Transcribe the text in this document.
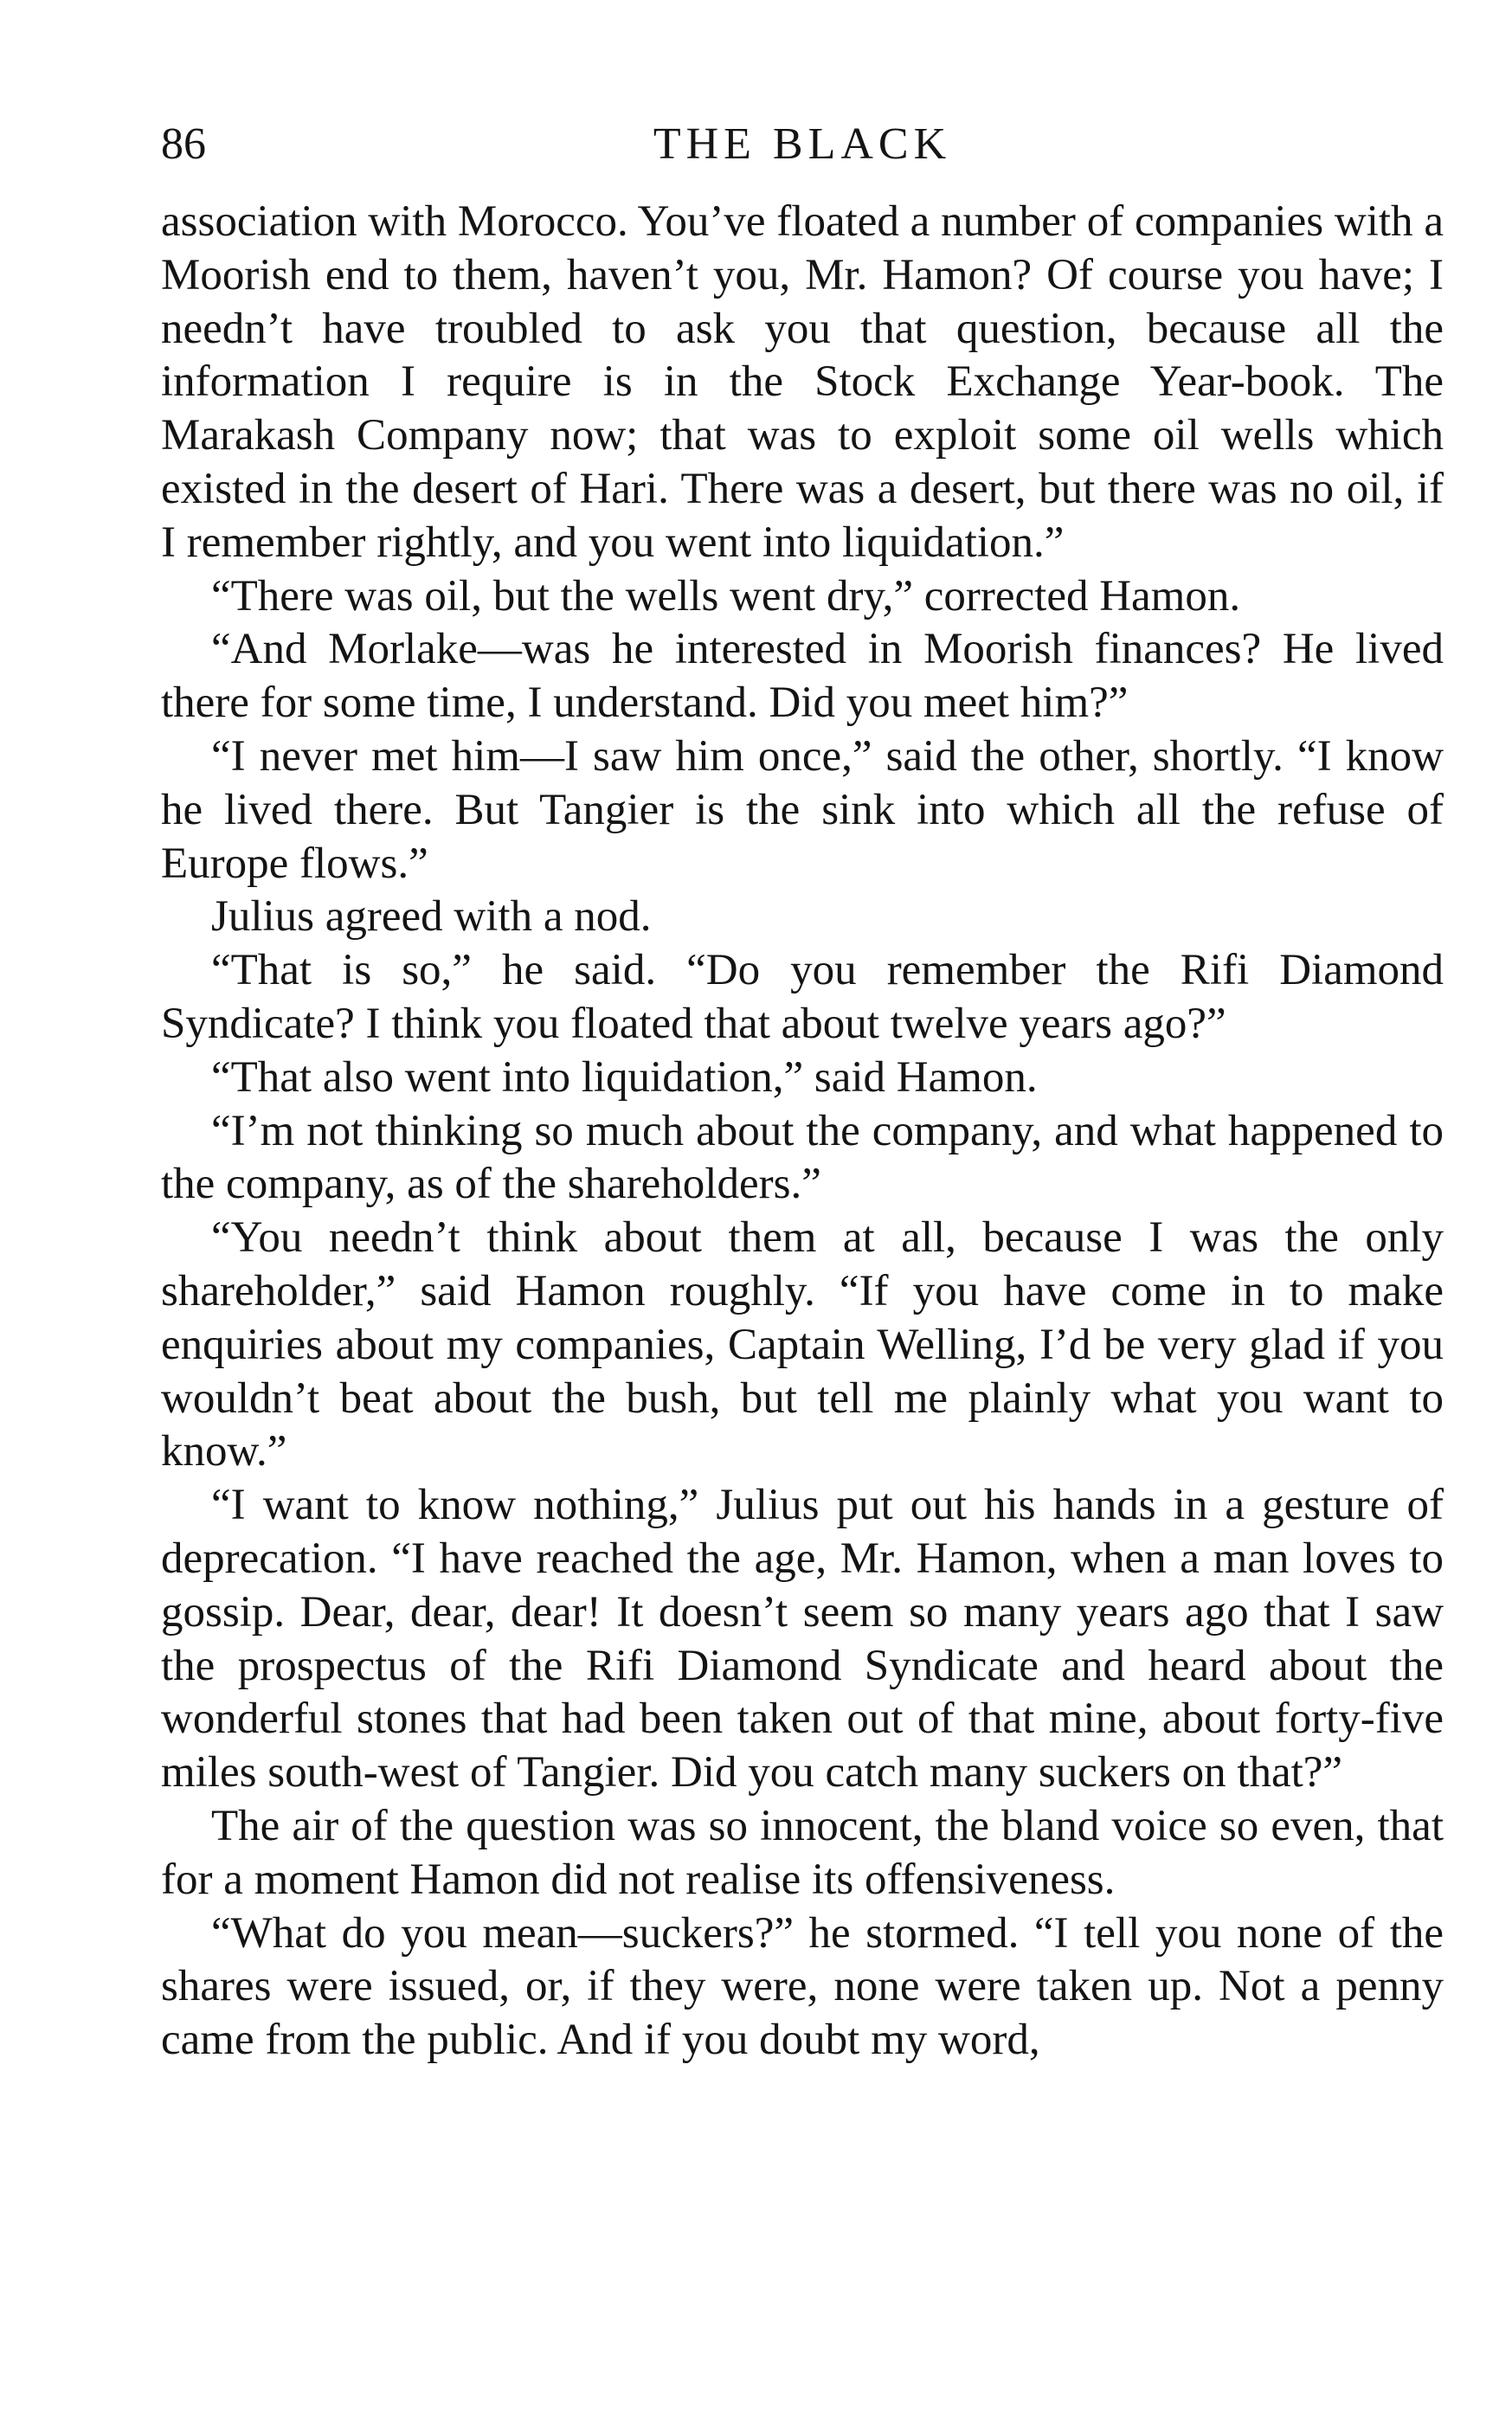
86	THE BLACK

association with Morocco. You’ve floated a number of companies with a Moorish end to them, haven’t you, Mr. Hamon? Of course you have; I needn’t have troubled to ask you that question, because all the information I require is in the Stock Exchange Year-book. The Marakash Company now; that was to exploit some oil wells which existed in the desert of Hari. There was a desert, but there was no oil, if I remember rightly, and you went into liquidation.”

“There was oil, but the wells went dry,” corrected Hamon.

“And Morlake—was he interested in Moorish finances? He lived there for some time, I understand. Did you meet him?”

“I never met him—I saw him once,” said the other, shortly. “I know he lived there. But Tangier is the sink into which all the refuse of Europe flows.”

Julius agreed with a nod.

“That is so,” he said. “Do you remember the Rifi Diamond Syndicate? I think you floated that about twelve years ago?”

“That also went into liquidation,” said Hamon.

“I’m not thinking so much about the company, and what happened to the company, as of the shareholders.”

“You needn’t think about them at all, because I was the only shareholder,” said Hamon roughly. “If you have come in to make enquiries about my companies, Captain Welling, I’d be very glad if you wouldn’t beat about the bush, but tell me plainly what you want to know.”

“I want to know nothing,” Julius put out his hands in a gesture of deprecation. “I have reached the age, Mr. Hamon, when a man loves to gossip. Dear, dear, dear! It doesn’t seem so many years ago that I saw the prospectus of the Rifi Diamond Syndicate and heard about the wonderful stones that had been taken out of that mine, about forty-five miles south-west of Tangier. Did you catch many suckers on that?”

The air of the question was so innocent, the bland voice so even, that for a moment Hamon did not realise its offensiveness.

“What do you mean—suckers?” he stormed. “I tell you none of the shares were issued, or, if they were, none were taken up. Not a penny came from the public. And if you doubt my word,
